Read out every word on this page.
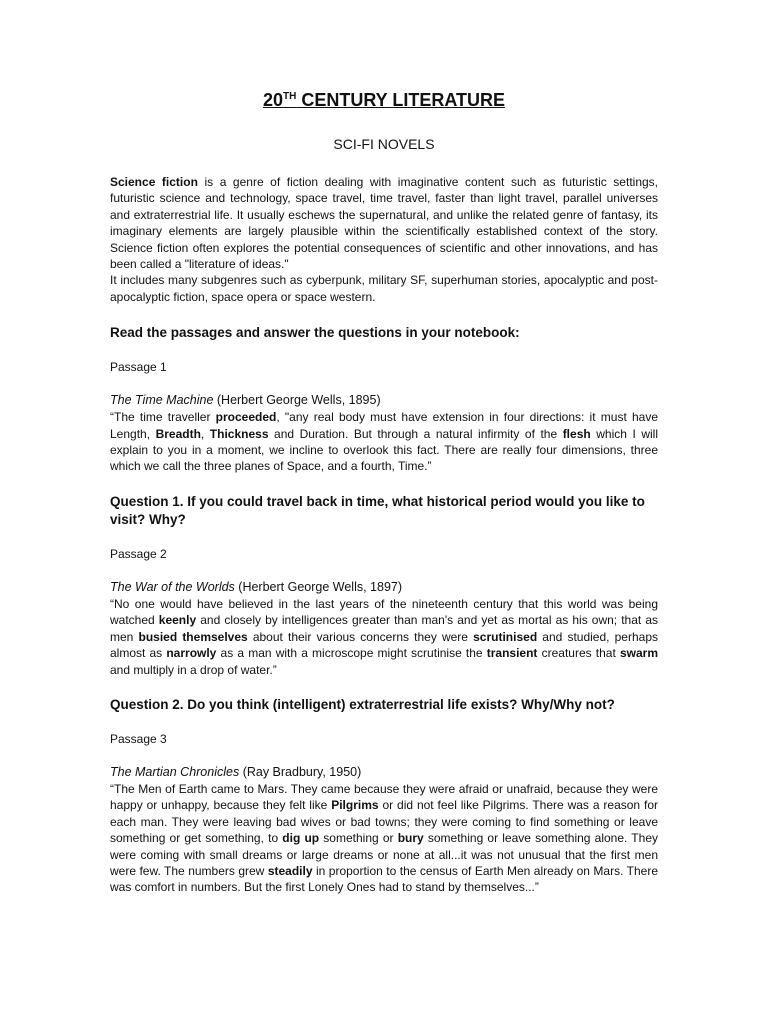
20TH CENTURY LITERATURE
SCI-FI NOVELS

Science fiction is a genre of fiction dealing with imaginative content such as futuristic settings, futuristic science and technology, space travel, time travel, faster than light travel, parallel universes and extraterrestrial life. It usually eschews the supernatural, and unlike the related genre of fantasy, its imaginary elements are largely plausible within the scientifically established context of the story. Science fiction often explores the potential consequences of scientific and other innovations, and has been called a "literature of ideas."

It includes many subgenres such as cyberpunk, military SF, superhuman stories, apocalyptic and post-apocalyptic fiction, space opera or space western.

Read the passages and answer the questions in your notebook:
Passage 1
The Time Machine (Herbert George Wells, 1895)

“The time traveller proceeded, "any real body must have extension in four directions: it must have Length, Breadth, Thickness and Duration. But through a natural infirmity of the flesh which I will explain to you in a moment, we incline to overlook this fact. There are really four dimensions, three which we call the three planes of Space, and a fourth, Time.”

Question 1. If you could travel back in time, what historical period would you like to visit? Why?
Passage 2
The War of the Worlds (Herbert George Wells, 1897)

“No one would have believed in the last years of the nineteenth century that this world was being watched keenly and closely by intelligences greater than man's and yet as mortal as his own; that as men busied themselves about their various concerns they were scrutinised and studied, perhaps almost as narrowly as a man with a microscope might scrutinise the transient creatures that swarm and multiply in a drop of water.”

Question 2. Do you think (intelligent) extraterrestrial life exists? Why/Why not?
Passage 3
The Martian Chronicles (Ray Bradbury, 1950)

“The Men of Earth came to Mars. They came because they were afraid or unafraid, because they were happy or unhappy, because they felt like Pilgrims or did not feel like Pilgrims. There was a reason for each man. They were leaving bad wives or bad towns; they were coming to find something or leave something or get something, to dig up something or bury something or leave something alone. They were coming with small dreams or large dreams or none at all...it was not unusual that the first men were few. The numbers grew steadily in proportion to the census of Earth Men already on Mars. There was comfort in numbers. But the first Lonely Ones had to stand by themselves...”
